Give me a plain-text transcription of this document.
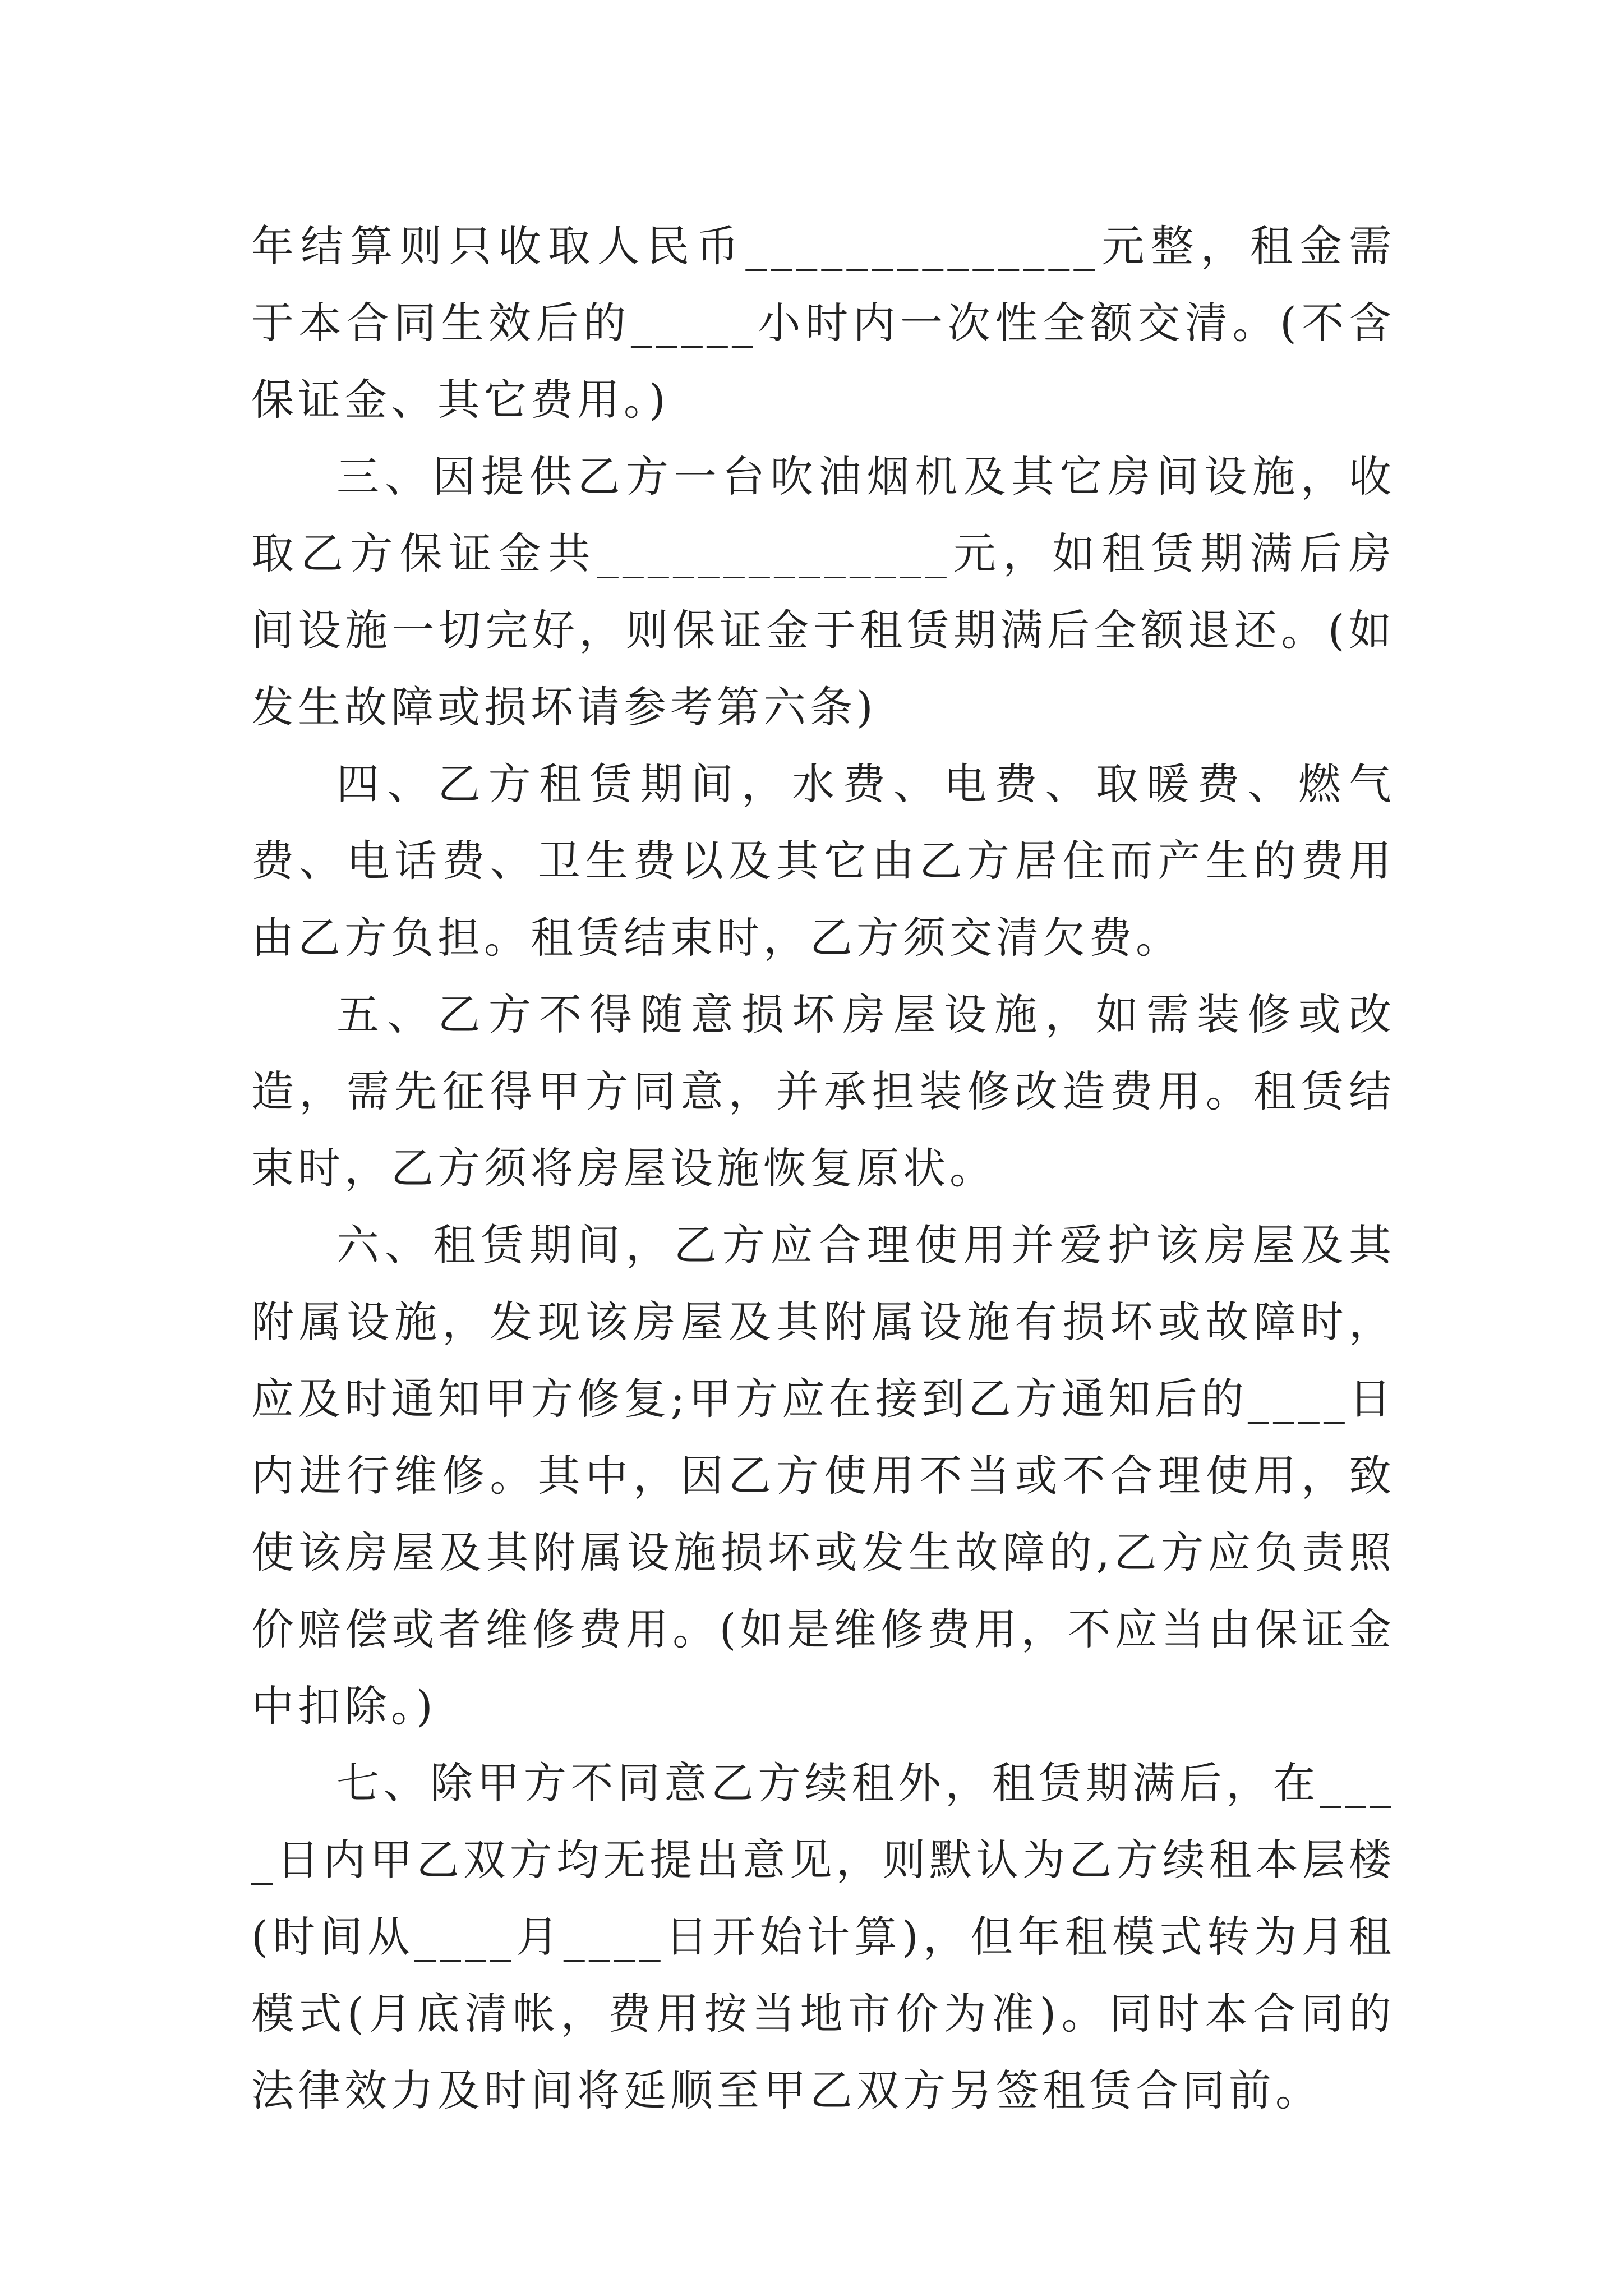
年结算则只收取人民币______________元整，租金需于本合同生效后的_____小时内一次性全额交清。(不含保证金、其它费用。)

三、因提供乙方一台吹油烟机及其它房间设施，收取乙方保证金共______________元，如租赁期满后房间设施一切完好，则保证金于租赁期满后全额退还。(如发生故障或损坏请参考第六条)

四、乙方租赁期间，水费、电费、取暖费、燃气费、电话费、卫生费以及其它由乙方居住而产生的费用由乙方负担。租赁结束时，乙方须交清欠费。

五、乙方不得随意损坏房屋设施，如需装修或改造，需先征得甲方同意，并承担装修改造费用。租赁结束时，乙方须将房屋设施恢复原状。

六、租赁期间，乙方应合理使用并爱护该房屋及其附属设施，发现该房屋及其附属设施有损坏或故障时，应及时通知甲方修复;甲方应在接到乙方通知后的____日内进行维修。其中，因乙方使用不当或不合理使用，致使该房屋及其附属设施损坏或发生故障的,乙方应负责照价赔偿或者维修费用。(如是维修费用，不应当由保证金中扣除。)

七、除甲方不同意乙方续租外，租赁期满后，在____日内甲乙双方均无提出意见，则默认为乙方续租本层楼(时间从____月____日开始计算)，但年租模式转为月租模式(月底清帐，费用按当地市价为准)。同时本合同的法律效力及时间将延顺至甲乙双方另签租赁合同前。
